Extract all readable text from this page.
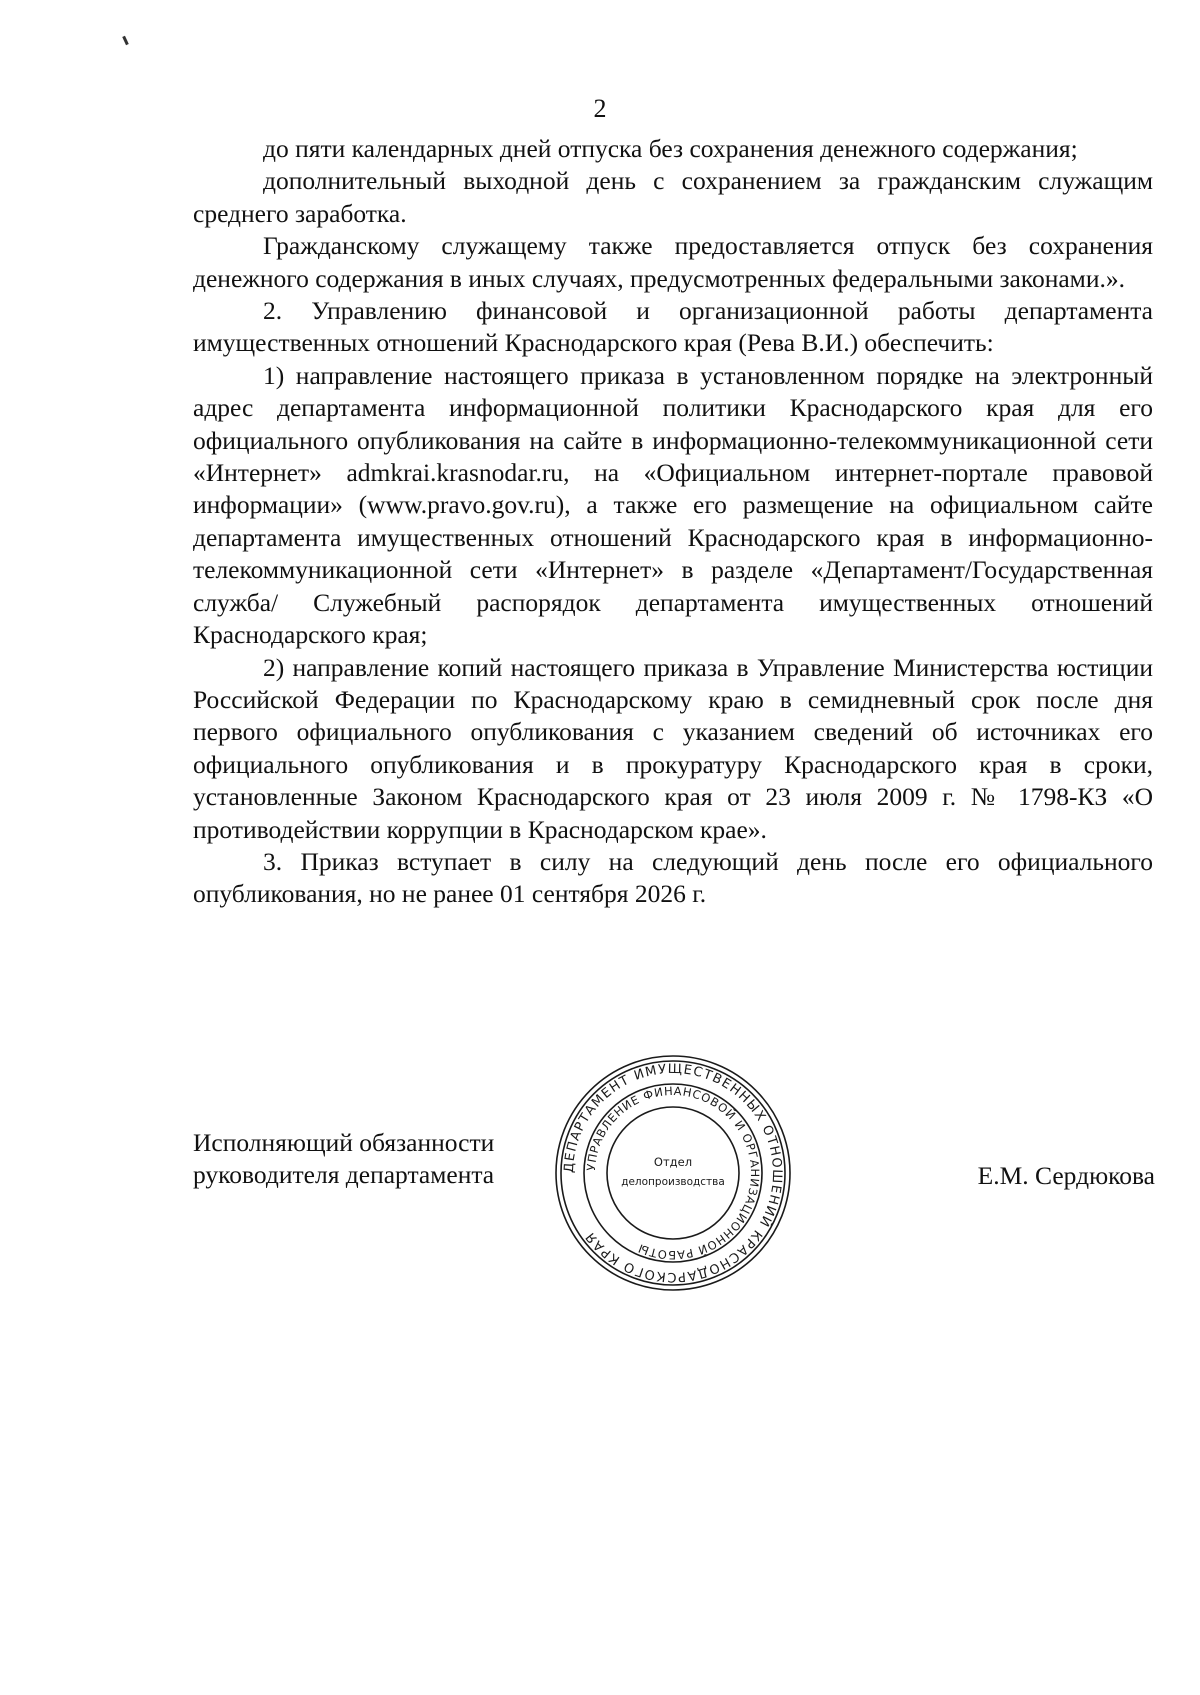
2

до пяти календарных дней отпуска без сохранения денежного содержания;

дополнительный выходной день с сохранением за гражданским служащим среднего заработка.

Гражданскому служащему также предоставляется отпуск без сохранения денежного содержания в иных случаях, предусмотренных федеральными законами.».

2. Управлению финансовой и организационной работы департамента имущественных отношений Краснодарского края (Рева В.И.) обеспечить:

1) направление настоящего приказа в установленном порядке на электронный адрес департамента информационной политики Краснодарского края для его официального опубликования на сайте в информационно-телекоммуникационной сети «Интернет» admkrai.krasnodar.ru, на «Официальном интернет-портале правовой информации» (www.pravo.gov.ru), а также его размещение на официальном сайте департамента имущественных отношений Краснодарского края в информационно-телекоммуникационной сети «Интернет» в разделе «Департамент/Государственная служба/ Служебный распорядок департамента имущественных отношений Краснодарского края;

2) направление копий настоящего приказа в Управление Министерства юстиции Российской Федерации по Краснодарскому краю в семидневный срок после дня первого официального опубликования с указанием сведений об источниках его официального опубликования и в прокуратуру Краснодарского края в сроки, установленные Законом Краснодарского края от 23 июля 2009 г. № 1798-КЗ «О противодействии коррупции в Краснодарском крае».

3. Приказ вступает в силу на следующий день после его официального опубликования, но не ранее 01 сентября 2026 г.

Исполняющий обязанности
руководителя департамента	ДЕПАРТАМЕНТ ИМУЩЕСТВЕННЫХ ОТНОШЕНИЙ КРАСНОДАРСКОГО КРАЯ
УПРАВЛЕНИЕ ФИНАНСОВОЙ И ОРГАНИЗАЦИОННОЙ РАБОТЫ
Отдел
делопроизводства	Е.М. Сердюкова
